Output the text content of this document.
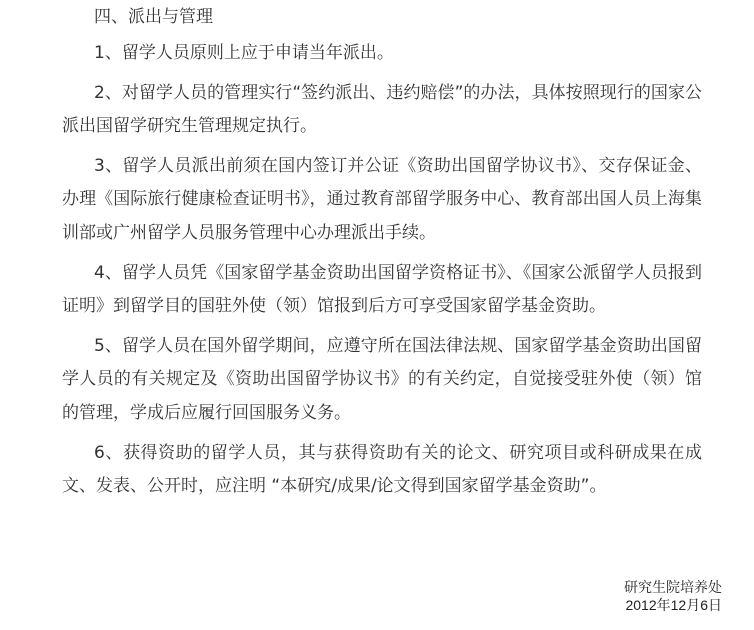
四、派出与管理

1、留学人员原则上应于申请当年派出。

2、对留学人员的管理实行“签约派出、违约赔偿”的办法，具体按照现行的国家公派出国留学研究生管理规定执行。

3、留学人员派出前须在国内签订并公证《资助出国留学协议书》、交存保证金、办理《国际旅行健康检查证明书》，通过教育部留学服务中心、教育部出国人员上海集训部或广州留学人员服务管理中心办理派出手续。

4、留学人员凭《国家留学基金资助出国留学资格证书》、《国家公派留学人员报到证明》到留学目的国驻外使（领）馆报到后方可享受国家留学基金资助。

5、留学人员在国外留学期间，应遵守所在国法律法规、国家留学基金资助出国留学人员的有关规定及《资助出国留学协议书》的有关约定，自觉接受驻外使（领）馆的管理，学成后应履行回国服务义务。

6、获得资助的留学人员，其与获得资助有关的论文、研究项目或科研成果在成文、发表、公开时，应注明 “本研究/成果/论文得到国家留学基金资助”。

研究生院培养处
2012年12月6日
